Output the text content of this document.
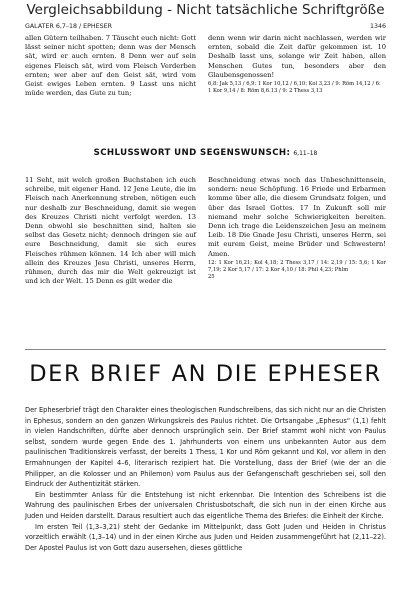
Vergleichsabbildung - Nicht tatsächliche Schriftgröße
GALATER 6,7–18 / EPHESER	1346

allen Gütern teilhaben. 7 Täuscht euch nicht: Gott lässt seiner nicht spotten; denn was der Mensch sät, wird er auch ernten. 8 Denn wer auf sein eigenes Fleisch sät, wird vom Fleisch Verderben ernten; wer aber auf den Geist sät, wird vom Geist ewiges Leben ernten. 9 Lasst uns nicht müde werden, das Gute zu tun;

denn wenn wir darin nicht nachlassen, werden wir ernten, sobald die Zeit dafür gekommen ist. 10 Deshalb lasst uns, solange wir Zeit haben, allen Menschen Gutes tun, besonders aber den Glaubensgenossen!

6,8: Jak 5,13 / 6,9: 1 Kor 10,12 / 6,10: Kol 3,23 / 9: Röm 14,12 / 6:

1 Kor 9,14 / 8: Röm 8,6.13 / 9: 2 Thess 3,13

SCHLUSSWORT UND SEGENSWUNSCH: 6,11–18

11 Seht, mit welch großen Buchstaben ich euch schreibe, mit eigener Hand. 12 Jene Leute, die im Fleisch nach Anerkennung streben, nötigen euch nur deshalb zur Beschneidung, damit sie wegen des Kreuzes Christi nicht verfolgt werden. 13 Denn obwohl sie beschnitten sind, halten sie selbst das Gesetz nicht; dennoch dringen sie auf eure Beschneidung, damit sie sich eures Fleisches rühmen können. 14 Ich aber will mich allein des Kreuzes Jesu Christi, unseres Herrn, rühmen, durch das mir die Welt gekreuzigt ist und ich der Welt. 15 Denn es gilt weder die

Beschneidung etwas noch das Unbeschnittensein, sondern: neue Schöpfung. 16 Friede und Erbarmen komme über alle, die diesem Grundsatz folgen, und über das Israel Gottes. 17 In Zukunft soll mir niemand mehr solche Schwierigkeiten bereiten. Denn ich trage die Leidenszeichen Jesu an meinem Leib. 18 Die Gnade Jesu Christi, unseres Herrn, sei mit eurem Geist, meine Brüder und Schwestern! Amen.

12: 1 Kor 16,21; Kol 4,18; 2 Thess 3,17 / 14: 2,19 / 15: 5,6; 1 Kor 7,19; 2 Kor 5,17 / 17: 2 Kor 4,10 / 18: Phil 4,23; Phlm

25

DER BRIEF AN DIE EPHESER

Der Epheserbrief trägt den Charakter eines theologischen Rundschreibens, das sich nicht nur an die Christen in Ephesus, sondern an den ganzen Wirkungskreis des Paulus richtet. Die Ortsangabe „Ephesus“ (1,1) fehlt in vielen Handschriften, dürfte aber dennoch ursprünglich sein. Der Brief stammt wohl nicht von Paulus selbst, sondern wurde gegen Ende des 1. Jahrhunderts von einem uns unbekannten Autor aus dem paulinischen Traditionskreis verfasst, der bereits 1 Thess, 1 Kor und Röm gekannt und Kol, vor allem in den Ermahnungen der Kapitel 4–6, literarisch rezipiert hat. Die Vorstellung, dass der Brief (wie der an die Philipper, an die Kolosser und an Philemon) vom Paulus aus der Gefangenschaft geschrieben sei, soll den Eindruck der Authentizität stärken.

Ein bestimmter Anlass für die Entstehung ist nicht erkennbar. Die Intention des Schreibens ist die Wahrung des paulinischen Erbes der universalen Christusbotschaft, die sich nun in der einen Kirche aus Juden und Heiden darstellt. Daraus resultiert auch das eigentliche Thema des Briefes: die Einheit der Kirche.

Im ersten Teil (1,3–3,21) steht der Gedanke im Mittelpunkt, dass Gott Juden und Heiden in Christus vorzeitlich erwählt (1,3–14) und in der einen Kirche aus Juden und Heiden zusammengeführt hat (2,11–22). Der Apostel Paulus ist von Gott dazu ausersehen, dieses göttliche
